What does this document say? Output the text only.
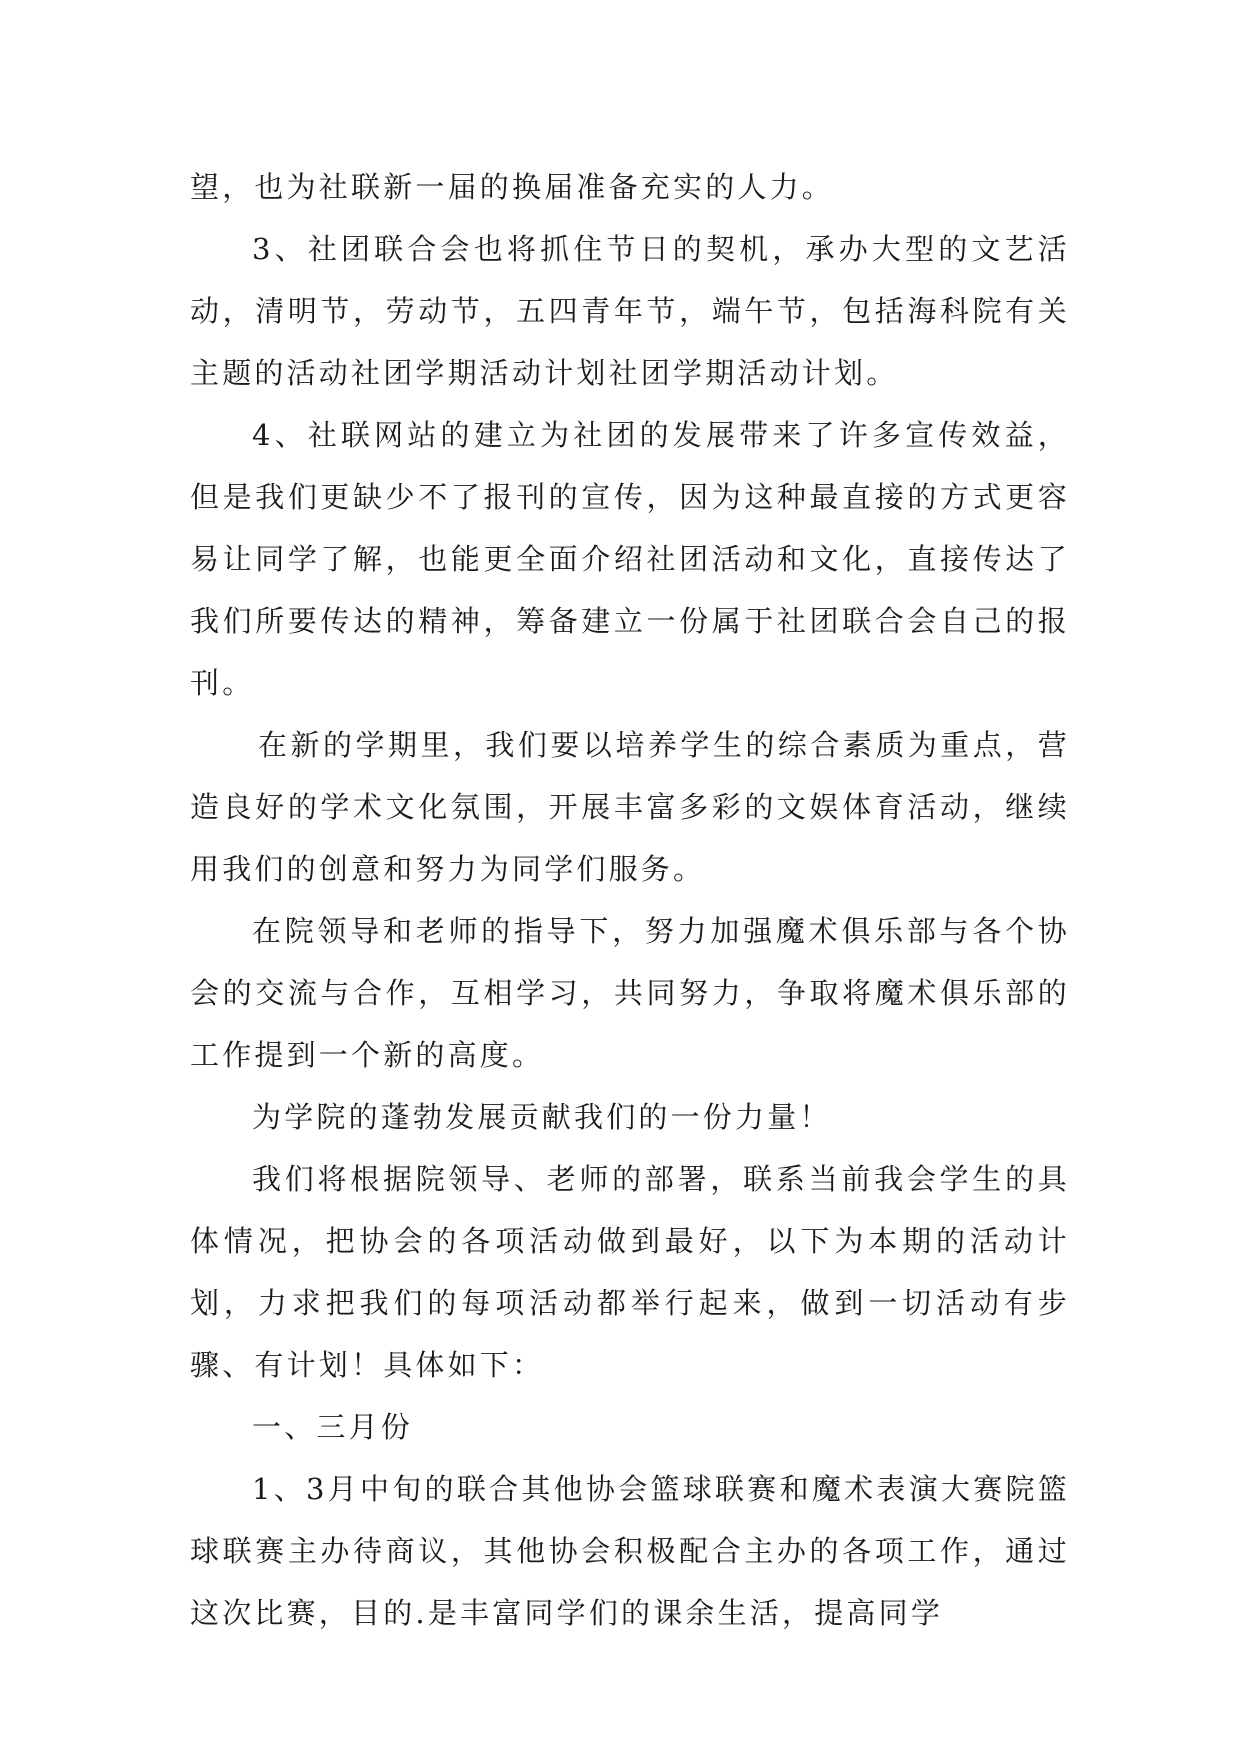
望，也为社联新一届的换届准备充实的人力。

3、社团联合会也将抓住节日的契机，承办大型的文艺活动，清明节，劳动节，五四青年节，端午节，包括海科院有关主题的活动社团学期活动计划社团学期活动计划。

4、社联网站的建立为社团的发展带来了许多宣传效益，但是我们更缺少不了报刊的宣传，因为这种最直接的方式更容易让同学了解，也能更全面介绍社团活动和文化，直接传达了我们所要传达的精神，筹备建立一份属于社团联合会自己的报刊。

在新的学期里，我们要以培养学生的综合素质为重点，营造良好的学术文化氛围，开展丰富多彩的文娱体育活动，继续用我们的创意和努力为同学们服务。

在院领导和老师的指导下，努力加强魔术俱乐部与各个协会的交流与合作，互相学习，共同努力，争取将魔术俱乐部的工作提到一个新的高度。

为学院的蓬勃发展贡献我们的一份力量！

我们将根据院领导、老师的部署，联系当前我会学生的具体情况，把协会的各项活动做到最好，以下为本期的活动计划，力求把我们的每项活动都举行起来，做到一切活动有步骤、有计划！具体如下：

一、三月份

1、3月中旬的联合其他协会篮球联赛和魔术表演大赛院篮球联赛主办待商议，其他协会积极配合主办的各项工作，通过这次比赛，目的.是丰富同学们的课余生活，提高同学
